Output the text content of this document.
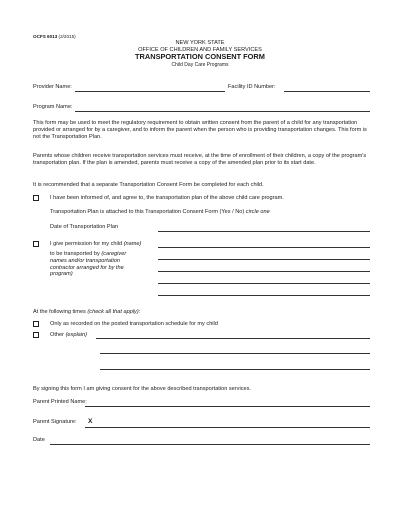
OCFS 6013 (2/2015)
NEW YORK STATE
OFFICE OF CHILDREN AND FAMILY SERVICES
TRANSPORTATION CONSENT FORM
Child Day Care Programs
Provider Name:	Facility ID Number:
Program Name:
This form may be used to meet the regulatory requirement to obtain written consent from the parent of a child for any transportation provided or arranged for by a caregiver, and to inform the parent when the person who is providing transportation changes. This form is not the Transportation Plan.
Parents whose children receive transportation services must receive, at the time of enrollment of their children, a copy of the program's transportation plan. If the plan is amended, parents must receive a copy of the amended plan prior to its start date.
It is recommended that a separate Transportation Consent Form be completed for each child.
I have been informed of, and agree to, the transportation plan of the above child care program.
Transportation Plan is attached to this Transportation Consent Form (Yes / No) circle one
Date of Transportation Plan
I give permission for my child (name)
to be transported by (caregiver
names and/or transportation
contractor arranged for by the
program)
At the following times (check all that apply):
Only as recorded on the posted transportation schedule for my child
Other (explain)
By signing this form I am giving consent for the above described transportation services.
Parent Printed Name:
Parent Signature: X
Date
